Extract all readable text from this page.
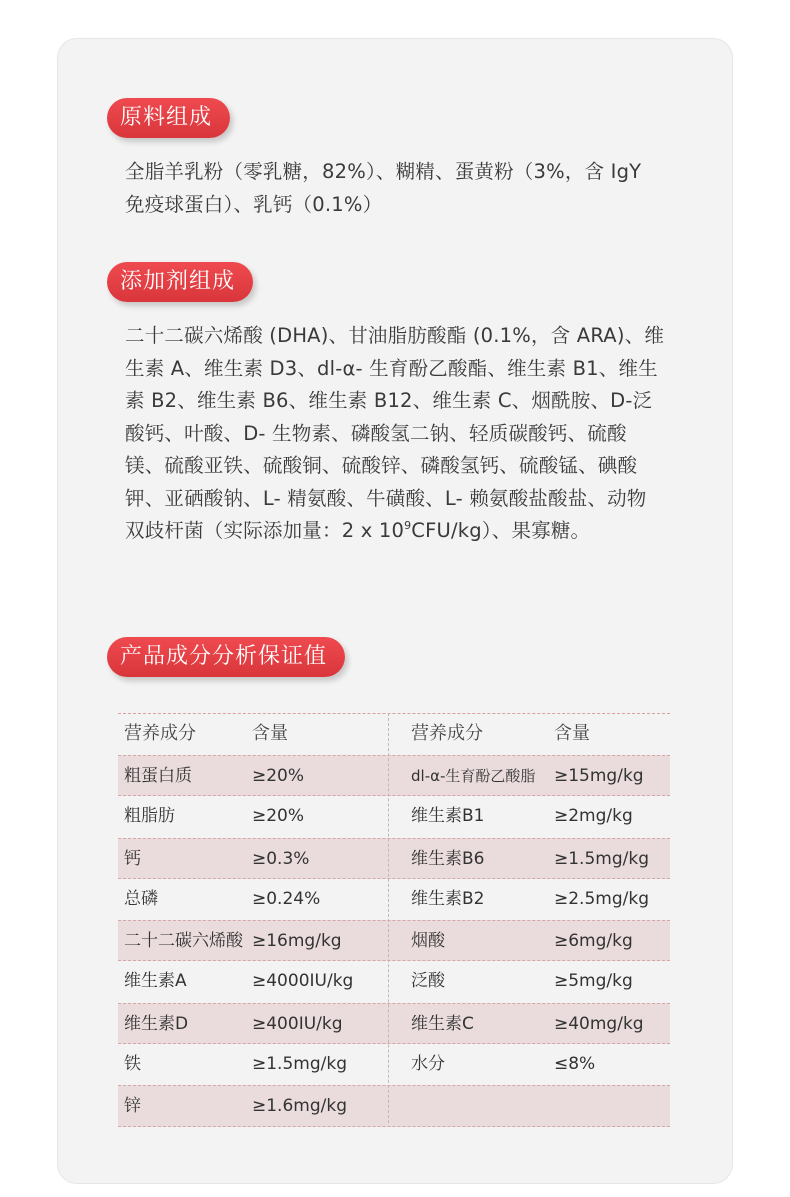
原料组成
全脂羊乳粉（零乳糖，82%）、糊精、蛋黄粉（3%，含 IgY 免疫球蛋白）、乳钙（0.1%）
添加剂组成
二十二碳六烯酸 (DHA)、甘油脂肪酸酯 (0.1%，含 ARA)、维生素 A、维生素 D3、dl-α- 生育酚乙酸酯、维生素 B1、维生素 B2、维生素 B6、维生素 B12、维生素 C、烟酰胺、D-泛酸钙、叶酸、D- 生物素、磷酸氢二钠、轻质碳酸钙、硫酸镁、硫酸亚铁、硫酸铜、硫酸锌、磷酸氢钙、硫酸锰、碘酸钾、亚硒酸钠、L- 精氨酸、牛磺酸、L- 赖氨酸盐酸盐、动物双歧杆菌（实际添加量：2 x $10^9CFU/kg$）、果寡糖。
产品成分分析保证值
营养成分	含量	营养成分	含量
粗蛋白质	≥20%	dl-α-生育酚乙酸脂 ≥15mg/kg
粗脂肪	≥20%	维生素B1	≥2mg/kg
钙	≥0.3%	维生素B6	≥1.5mg/kg
总磷	≥0.24%	维生素B2	≥2.5mg/kg
二十二碳六烯酸 ≥16mg/kg	烟酸	≥6mg/kg
维生素A	≥4000IU/kg	泛酸	≥5mg/kg
维生素D	≥400IU/kg	维生素C	≥40mg/kg
铁	≥1.5mg/kg	水分	≤8%
锌	≥1.6mg/kg
